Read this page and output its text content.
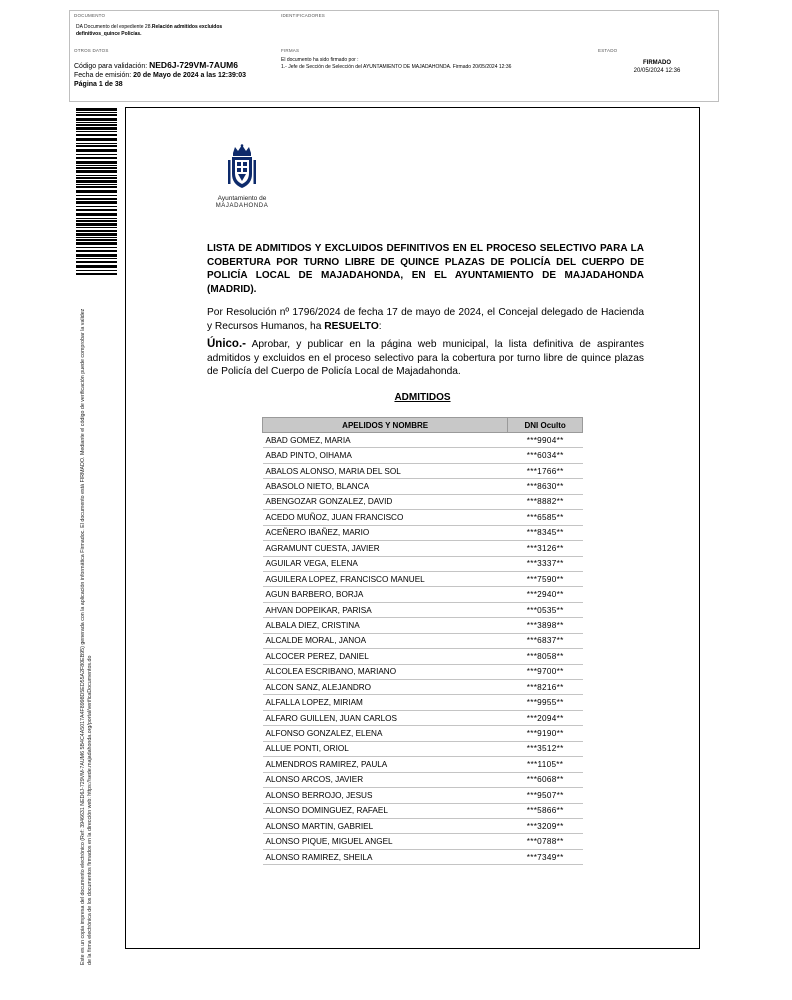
DOCUMENTO
DA Documento del expediente 28.Relación admitidos excluidos definitivos_quince Policías.
IDENTIFICADORES
OTROS DATOS
Código para validación: NED6J-729VM-7AUM6
Fecha de emisión: 20 de Mayo de 2024 a las 12:39:03
Página 1 de 38
FIRMAS
El documento ha sido firmado por :
1.- Jefe de Sección de Selección del AYUNTAMIENTO DE MAJADAHONDA. Firmado 20/05/2024 12:36
ESTADO
FIRMADO
20/05/2024 12:36
Este es un copia impresa del documento electrónico (Ref: 3946631 NED6J-729VM-7AUM6 5B4C4A5017A4F8998D5ED55A2F80EB95) generada con la aplicación informática Firmadoc. El documento está FIRMADO. Mediante el código de verificación puede comprobar la validez de la firma electrónica de los documentos firmados en la dirección web: https://sede.majadahonda.org/portal/verificaDocumentos.do
Ayuntamiento de
MAJADAHONDA
LISTA DE ADMITIDOS Y EXCLUIDOS DEFINITIVOS EN EL PROCESO SELECTIVO PARA LA COBERTURA POR TURNO LIBRE DE QUINCE PLAZAS DE POLICÍA DEL CUERPO DE POLICÍA LOCAL DE MAJADAHONDA, EN EL AYUNTAMIENTO DE MAJADAHONDA (MADRID).
Por Resolución nº 1796/2024 de fecha 17 de mayo de 2024, el Concejal delegado de Hacienda y Recursos Humanos, ha RESUELTO:
Único.- Aprobar, y publicar en la página web municipal, la lista definitiva de aspirantes admitidos y excluidos en el proceso selectivo para la cobertura por turno libre de quince plazas de Policía del Cuerpo de Policía Local de Majadahonda.
ADMITIDOS
APELIDOS Y NOMBRE	DNI Oculto
ABAD GOMEZ, MARIA	***9904**
ABAD PINTO, OIHAMA	***6034**
ABALOS ALONSO, MARIA DEL SOL	***1766**
ABASOLO NIETO, BLANCA	***8630**
ABENGOZAR GONZALEZ, DAVID	***8882**
ACEDO MUÑOZ, JUAN FRANCISCO	***6585**
ACEÑERO IBAÑEZ, MARIO	***8345**
AGRAMUNT CUESTA, JAVIER	***3126**
AGUILAR VEGA, ELENA	***3337**
AGUILERA LOPEZ, FRANCISCO MANUEL	***7590**
AGUN BARBERO, BORJA	***2940**
AHVAN DOPEIKAR, PARISA	***0535**
ALBALA DIEZ, CRISTINA	***3898**
ALCALDE MORAL, JANOA	***6837**
ALCOCER PEREZ, DANIEL	***8058**
ALCOLEA ESCRIBANO, MARIANO	***9700**
ALCON SANZ, ALEJANDRO	***8216**
ALFALLA LOPEZ, MIRIAM	***9955**
ALFARO GUILLEN, JUAN CARLOS	***2094**
ALFONSO GONZALEZ, ELENA	***9190**
ALLUE PONTI, ORIOL	***3512**
ALMENDROS RAMIREZ, PAULA	***1105**
ALONSO ARCOS, JAVIER	***6068**
ALONSO BERROJO, JESUS	***9507**
ALONSO DOMINGUEZ, RAFAEL	***5866**
ALONSO MARTIN, GABRIEL	***3209**
ALONSO PIQUE, MIGUEL ANGEL	***0788**
ALONSO RAMIREZ, SHEILA	***7349**
